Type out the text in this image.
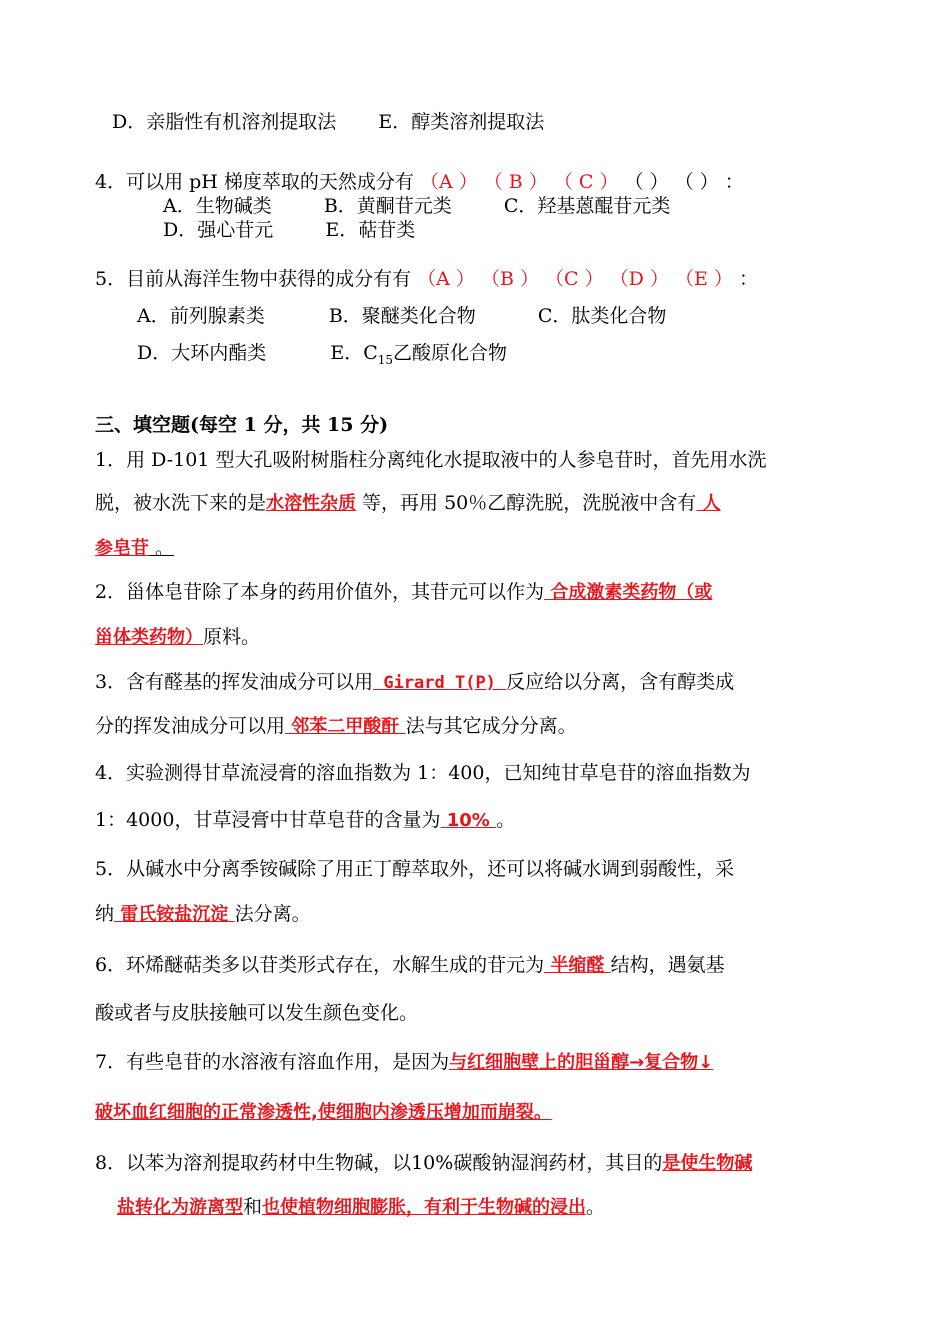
D．亲脂性有机溶剂提取法 E．醇类溶剂提取法
4．可以用 pH 梯度萃取的天然成分有 （A ） （ B ） （ C ） （ ） （ ） ：
A．生物碱类	B．黄酮苷元类	C．羟基蒽醌苷元类
D．强心苷元	E．萜苷类
5．目前从海洋生物中获得的成分有有 （A ） （B ） （C ） （D ） （E ） ：
A．前列腺素类	B．聚醚类化合物	C．肽类化合物
D．大环内酯类	E．$C_{15}$乙酸原化合物
三、填空题(每空 1 分，共 15 分)
1．用 D-101 型大孔吸附树脂柱分离纯化水提取液中的人参皂苷时，首先用水洗
脱，被水洗下来的是水溶性杂质 等，再用 50％乙醇洗脱，洗脱液中含有 人
参皂苷 。
2．甾体皂苷除了本身的药用价值外，其苷元可以作为 合成激素类药物（或
甾体类药物）原料。
3．含有醛基的挥发油成分可以用 Girard T(P) 反应给以分离，含有醇类成
分的挥发油成分可以用 邻苯二甲酸酐 法与其它成分分离。
4．实验测得甘草流浸膏的溶血指数为 1：400，已知纯甘草皂苷的溶血指数为
1：4000，甘草浸膏中甘草皂苷的含量为 10% 。
5．从碱水中分离季铵碱除了用正丁醇萃取外，还可以将碱水调到弱酸性，采
纳 雷氏铵盐沉淀 法分离。
6．环烯醚萜类多以苷类形式存在，水解生成的苷元为 半缩醛 结构，遇氨基
酸或者与皮肤接触可以发生颜色变化。
7．有些皂苷的水溶液有溶血作用，是因为与红细胞壁上的胆甾醇→复合物↓
破坏血红细胞的正常渗透性,使细胞内渗透压增加而崩裂。
8．以苯为溶剂提取药材中生物碱，以10%碳酸钠湿润药材，其目的是使生物碱
盐转化为游离型和也使植物细胞膨胀，有利于生物碱的浸出。
